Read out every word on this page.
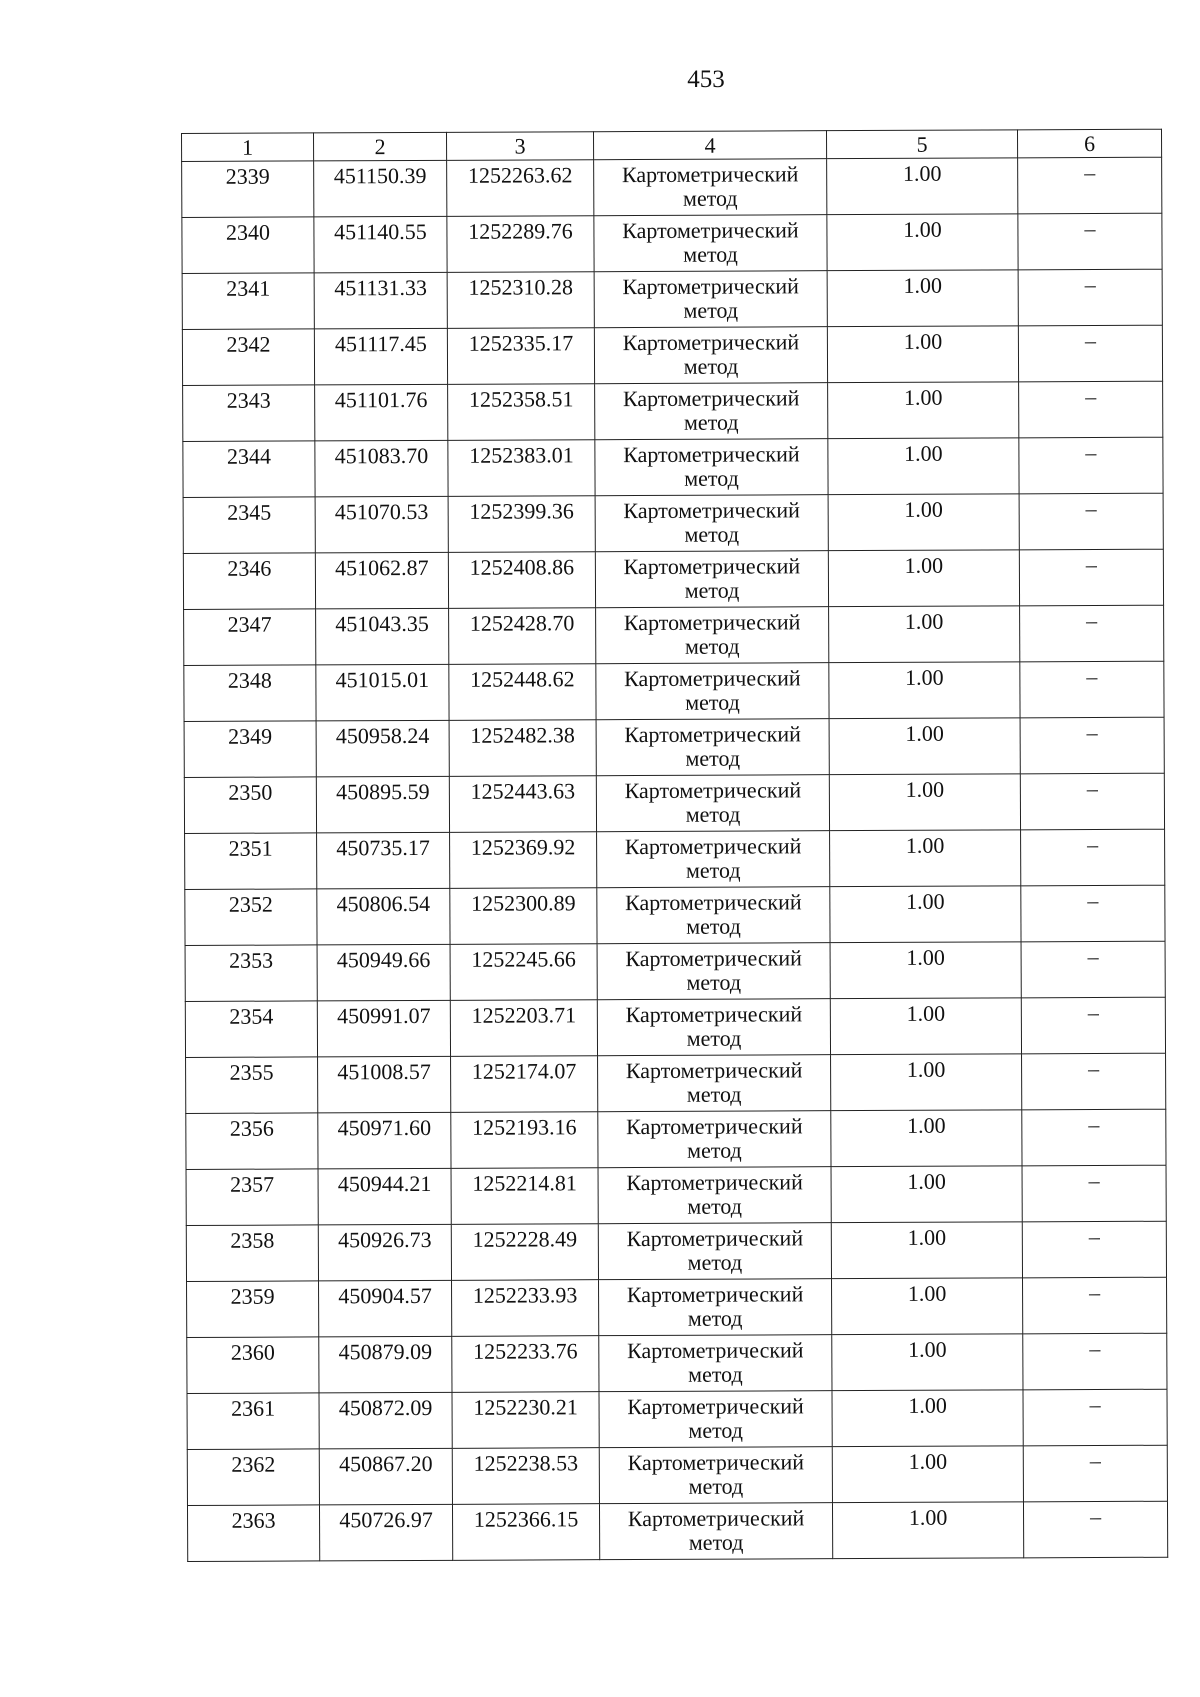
453
1	2	3	4	5	6
2339	451150.39	1252263.62	Картометрический метод	1.00	–
2340	451140.55	1252289.76	Картометрический метод	1.00	–
2341	451131.33	1252310.28	Картометрический метод	1.00	–
2342	451117.45	1252335.17	Картометрический метод	1.00	–
2343	451101.76	1252358.51	Картометрический метод	1.00	–
2344	451083.70	1252383.01	Картометрический метод	1.00	–
2345	451070.53	1252399.36	Картометрический метод	1.00	–
2346	451062.87	1252408.86	Картометрический метод	1.00	–
2347	451043.35	1252428.70	Картометрический метод	1.00	–
2348	451015.01	1252448.62	Картометрический метод	1.00	–
2349	450958.24	1252482.38	Картометрический метод	1.00	–
2350	450895.59	1252443.63	Картометрический метод	1.00	–
2351	450735.17	1252369.92	Картометрический метод	1.00	–
2352	450806.54	1252300.89	Картометрический метод	1.00	–
2353	450949.66	1252245.66	Картометрический метод	1.00	–
2354	450991.07	1252203.71	Картометрический метод	1.00	–
2355	451008.57	1252174.07	Картометрический метод	1.00	–
2356	450971.60	1252193.16	Картометрический метод	1.00	–
2357	450944.21	1252214.81	Картометрический метод	1.00	–
2358	450926.73	1252228.49	Картометрический метод	1.00	–
2359	450904.57	1252233.93	Картометрический метод	1.00	–
2360	450879.09	1252233.76	Картометрический метод	1.00	–
2361	450872.09	1252230.21	Картометрический метод	1.00	–
2362	450867.20	1252238.53	Картометрический метод	1.00	–
2363	450726.97	1252366.15	Картометрический метод	1.00	–
